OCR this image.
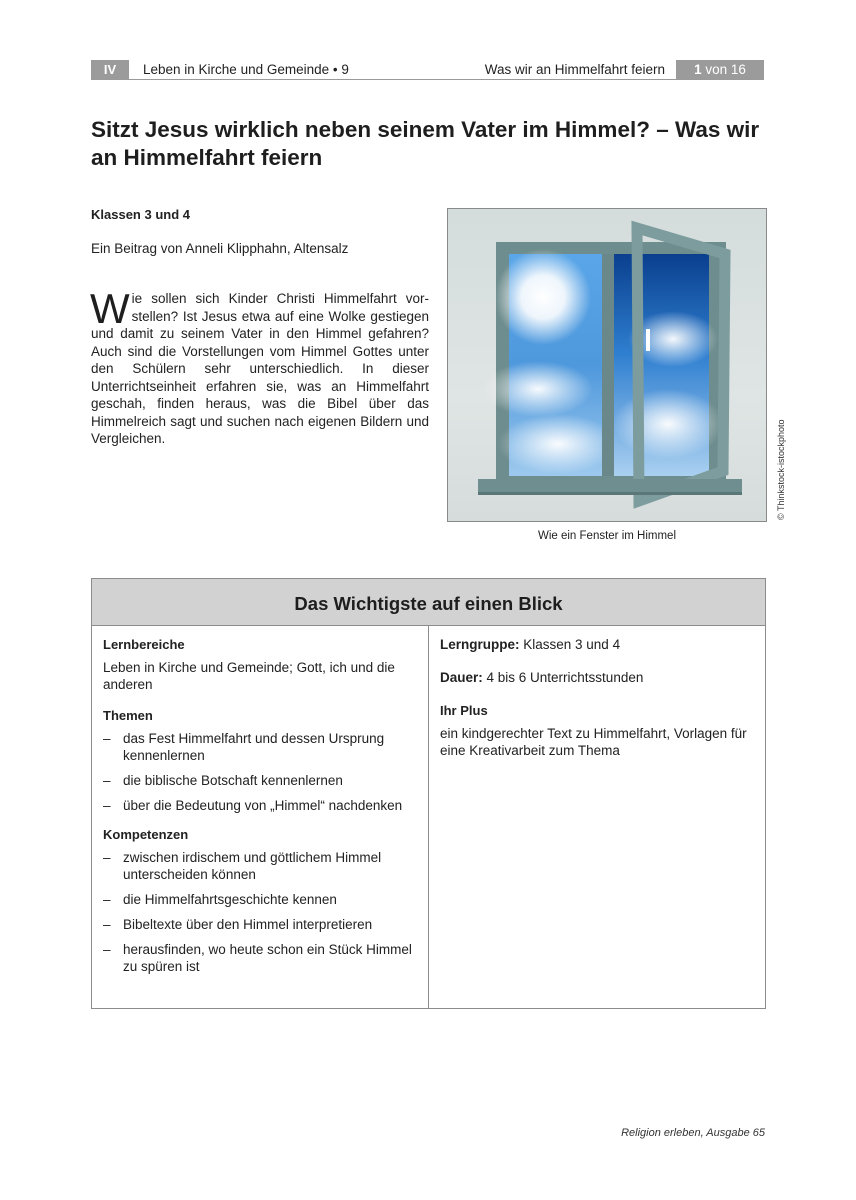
IV	Leben in Kirche und Gemeinde • 9	Was wir an Himmelfahrt feiern	1 von 16
Sitzt Jesus wirklich neben seinem Vater im Himmel? – Was wir an Himmelfahrt feiern
Klassen 3 und 4
Ein Beitrag von Anneli Klipphahn, Altensalz
Wie sollen sich Kinder Christi Himmelfahrt vorstellen? Ist Jesus etwa auf eine Wolke gestiegen und damit zu seinem Vater in den Himmel gefahren? Auch sind die Vorstellungen vom Himmel Gottes unter den Schülern sehr unterschiedlich. In dieser Unterrichtseinheit erfahren sie, was an Himmelfahrt geschah, finden heraus, was die Bibel über das Himmelreich sagt und suchen nach eigenen Bildern und Vergleichen.	© Thinkstock-istockphoto
Wie ein Fenster im Himmel
Das Wichtigste auf einen Blick
Lernbereiche

Leben in Kirche und Gemeinde; Gott, ich und die anderen

Themen
– das Fest Himmelfahrt und dessen Ursprung kennenlernen
– die biblische Botschaft kennenlernen
– über die Bedeutung von „Himmel“ nachdenken
Kompetenzen
– zwischen irdischem und göttlichem Himmel unterscheiden können
– die Himmelfahrtsgeschichte kennen
– Bibeltexte über den Himmel interpretieren
– herausfinden, wo heute schon ein Stück Himmel zu spüren ist
Lerngruppe: Klassen 3 und 4
Dauer: 4 bis 6 Unterrichtsstunden
Ihr Plus

ein kindgerechter Text zu Himmelfahrt, Vorlagen für eine Kreativarbeit zum Thema

Religion erleben, Ausgabe 65
